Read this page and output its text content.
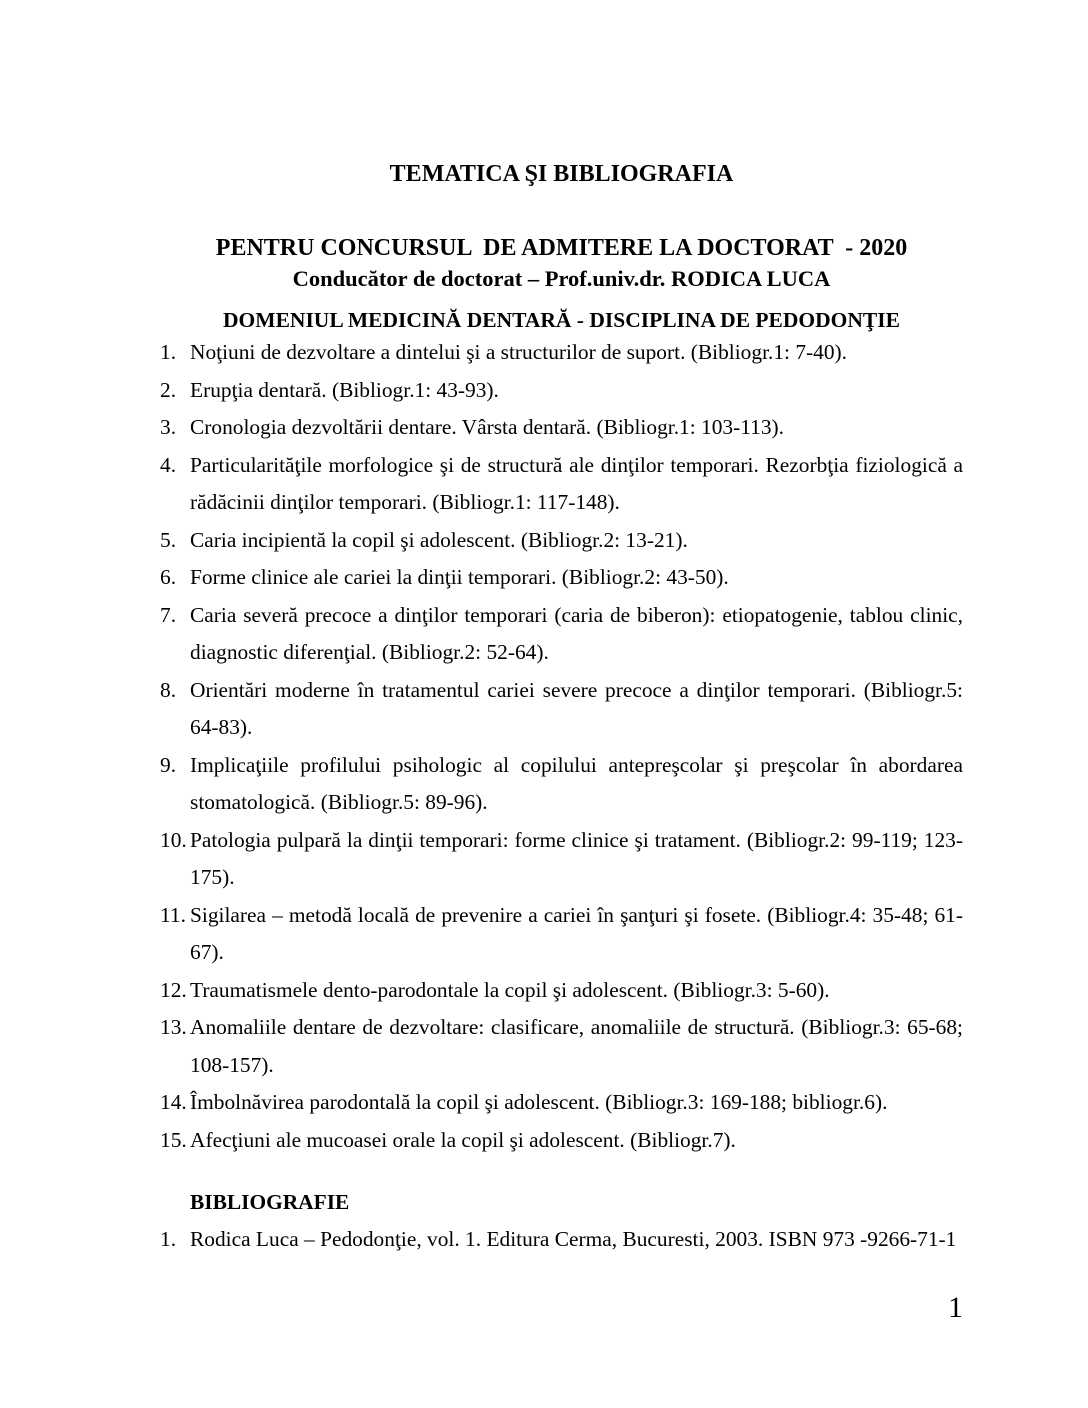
TEMATICA ŞI BIBLIOGRAFIA

PENTRU CONCURSUL  DE ADMITERE LA DOCTORAT  - 2020

DOMENIUL MEDICINĂ DENTARĂ - DISCIPLINA DE PEDODONŢIE

Conducător de doctorat – Prof.univ.dr. RODICA LUCA
1. Noţiuni de dezvoltare a dintelui şi a structurilor de suport. (Bibliogr.1: 7-40).
2. Erupţia dentară. (Bibliogr.1: 43-93).
3. Cronologia dezvoltării dentare. Vârsta dentară. (Bibliogr.1: 103-113).
4. Particularităţile morfologice şi de structură ale dinţilor temporari. Rezorbţia fiziologică a rădăcinii dinţilor temporari. (Bibliogr.1: 117-148).
5. Caria incipientă la copil şi adolescent. (Bibliogr.2: 13-21).
6. Forme clinice ale cariei la dinţii temporari. (Bibliogr.2: 43-50).
7. Caria severă precoce a dinţilor temporari (caria de biberon): etiopatogenie, tablou clinic, diagnostic diferenţial. (Bibliogr.2: 52-64).
8. Orientări moderne în tratamentul cariei severe precoce a dinţilor temporari. (Bibliogr.5: 64-83).
9. Implicaţiile profilului psihologic al copilului antepreşcolar şi preşcolar în abordarea stomatologică. (Bibliogr.5: 89-96).
10. Patologia pulpară la dinţii temporari: forme clinice şi tratament. (Bibliogr.2: 99-119; 123-175).
11. Sigilarea – metodă locală de prevenire a cariei în şanţuri şi fosete. (Bibliogr.4: 35-48; 61-67).
12. Traumatismele dento-parodontale la copil şi adolescent. (Bibliogr.3: 5-60).
13. Anomaliile dentare de dezvoltare: clasificare, anomaliile de structură. (Bibliogr.3: 65-68; 108-157).
14. Îmbolnăvirea parodontală la copil şi adolescent. (Bibliogr.3: 169-188; bibliogr.6).
15. Afecţiuni ale mucoasei orale la copil şi adolescent. (Bibliogr.7).
BIBLIOGRAFIE
1. Rodica Luca – Pedodonţie, vol. 1. Editura Cerma, Bucuresti, 2003. ISBN 973 -9266-71-1
1
